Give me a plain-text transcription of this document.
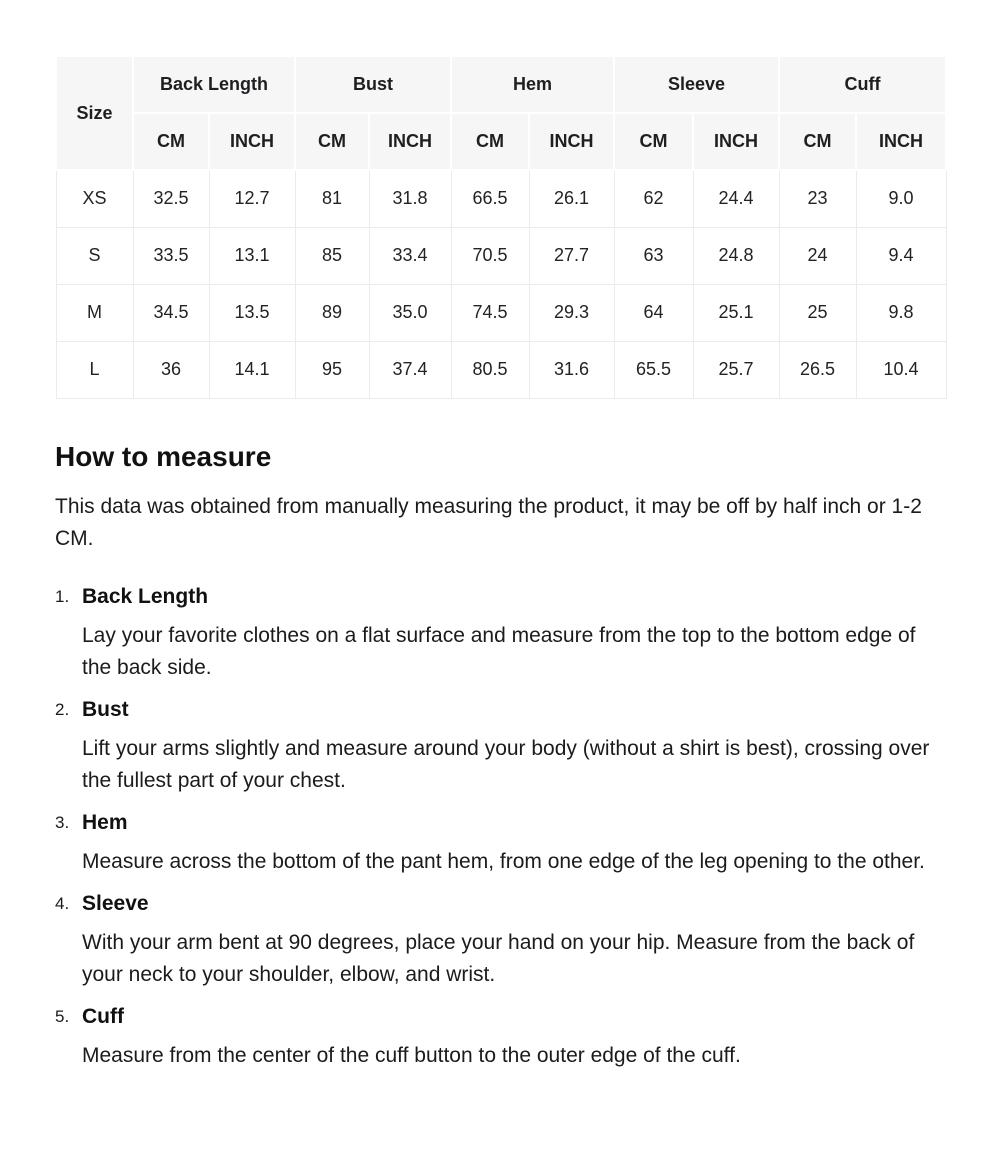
Size	Back Length		Bust		Hem		Sleeve		Cuff	
	CM	INCH	CM	INCH	CM	INCH	CM	INCH	CM	INCH
XS	32.5	12.7	81	31.8	66.5	26.1	62	24.4	23	9.0
S	33.5	13.1	85	33.4	70.5	27.7	63	24.8	24	9.4
M	34.5	13.5	89	35.0	74.5	29.3	64	25.1	25	9.8
L	36	14.1	95	37.4	80.5	31.6	65.5	25.7	26.5	10.4
How to measure

This data was obtained from manually measuring the product, it may be off by half inch or 1-2 CM.

1. Back Length

Lay your favorite clothes on a flat surface and measure from the top to the bottom edge of the back side.

2. Bust

Lift your arms slightly and measure around your body (without a shirt is best), crossing over the fullest part of your chest.

3. Hem

Measure across the bottom of the pant hem, from one edge of the leg opening to the other.

4. Sleeve

With your arm bent at 90 degrees, place your hand on your hip. Measure from the back of your neck to your shoulder, elbow, and wrist.

5. Cuff

Measure from the center of the cuff button to the outer edge of the cuff.
